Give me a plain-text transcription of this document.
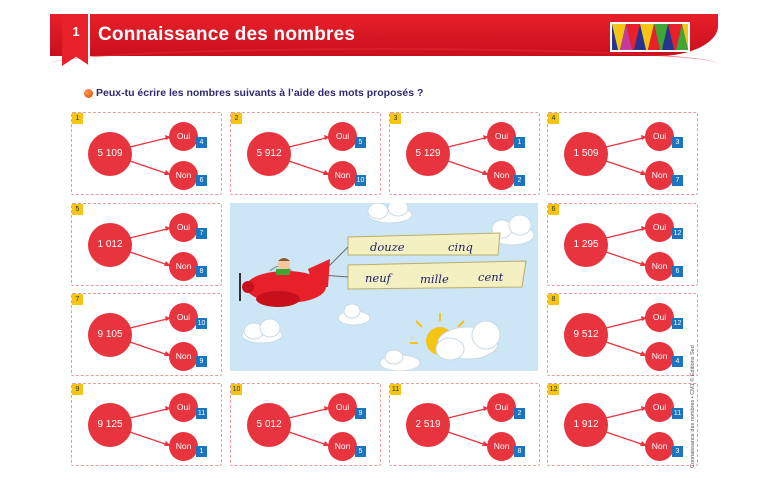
1 Connaissance des nombres
Peux-tu écrire les nombres suivants à l’aide des mots proposés ?
1
5 109
Oui
4
Non
6
2
5 912
Oui
5
Non
10
3
5 129
Oui
1
Non
2
4
1 509
Oui
3
Non
7
5
1 012
Oui
7
Non
8
6
1 295
Oui
12
Non
6
7
9 105
Oui
10
Non
9
8
9 512
Oui
12
Non
4
9
9 125
Oui
11
Non
1
10
5 012
Oui
9
Non
5
11
2 519
Oui
2
Non
8
12
1 912
Oui
11
Non
3
douze	cinq
neuf	mille	cent
Connaissance des nombres • CM1 © Éditions Sed
